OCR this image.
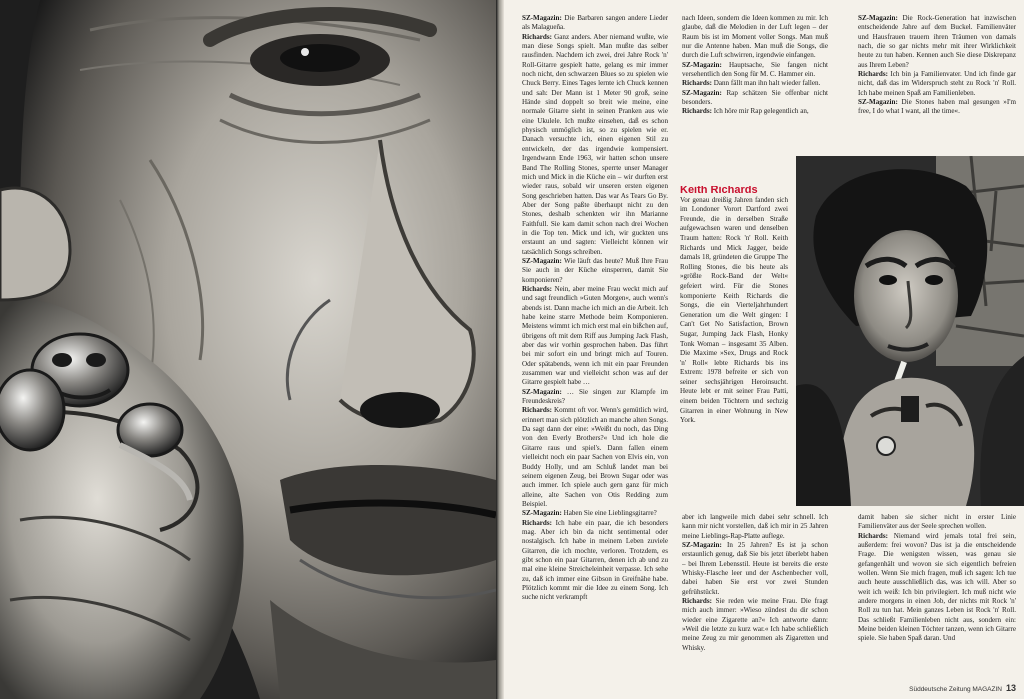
SZ-Magazin: Die Barbaren sangen andere Lieder als Malagueña.

Richards: Ganz anders. Aber niemand wußte, wie man diese Songs spielt. Man mußte das selber rausfinden. Nachdem ich zwei, drei Jahre Rock 'n' Roll-Gitarre gespielt hatte, gelang es mir immer noch nicht, den schwarzen Blues so zu spielen wie Chuck Berry. Eines Tages lernte ich Chuck kennen und sah: Der Mann ist 1 Meter 90 groß, seine Hände sind doppelt so breit wie meine, eine normale Gitarre sieht in seinen Pranken aus wie eine Ukulele. Ich mußte einsehen, daß es schon physisch unmöglich ist, so zu spielen wie er. Danach versuchte ich, einen eigenen Stil zu entwickeln, der das irgendwie kompensiert. Irgendwann Ende 1963, wir hatten schon unsere Band The Rolling Stones, sperrte unser Manager mich und Mick in die Küche ein – wir durften erst wieder raus, sobald wir unseren ersten eigenen Song geschrieben hatten. Das war As Tears Go By. Aber der Song paßte überhaupt nicht zu den Stones, deshalb schenkten wir ihn Marianne Faithfull. Sie kam damit schon nach drei Wochen in die Top ten. Mick und ich, wir guckten uns erstaunt an und sagten: Vielleicht können wir tatsächlich Songs schreiben.

SZ-Magazin: Wie läuft das heute? Muß Ihre Frau Sie auch in der Küche einsperren, damit Sie komponieren?

Richards: Nein, aber meine Frau weckt mich auf und sagt freundlich »Guten Morgen«, auch wenn's abends ist. Dann mache ich mich an die Arbeit. Ich habe keine starre Methode beim Komponieren. Meistens wimmt ich mich erst mal ein bißchen auf, übrigens oft mit dem Riff aus Jumping Jack Flash, aber das wir vorhin gesprochen haben. Das führt bei mir sofort ein und bringt mich auf Touren. Oder spätabends, wenn ich mit ein paar Freunden zusammen war und vielleicht schon was auf der Gitarre gespielt habe …

SZ-Magazin: … Sie singen zur Klampfe im Freundeskreis?

Richards: Kommt oft vor. Wenn's gemütlich wird, erinnert man sich plötzlich an manche alten Songs. Da sagt dann der eine: »Weißt du noch, das Ding von den Everly Brothers?« Und ich hole die Gitarre raus und spiel's. Dann fallen einem vielleicht noch ein paar Sachen von Elvis ein, von Buddy Holly, und am Schluß landet man bei seinem eigenen Zeug, bei Brown Sugar oder was auch immer. Ich spiele auch gern ganz für mich alleine, alte Sachen von Otis Redding zum Beispiel.

SZ-Magazin: Haben Sie eine Lieblingsgitarre?

Richards: Ich habe ein paar, die ich besonders mag. Aber ich bin da nicht sentimental oder nostalgisch. Ich habe in meinem Leben zuviele Gitarren, die ich mochte, verloren. Trotzdem, es gibt schon ein paar Gitarren, denen ich ab und zu mal eine kleine Streicheleinheit verpasse. Ich sehe zu, daß ich immer eine Gibson in Greifnähe habe. Plötzlich kommt mir die Idee zu einem Song. Ich suche nicht verkrampft

nach Ideen, sondern die Ideen kommen zu mir. Ich glaube, daß die Melodien in der Luft legen – der Raum bis ist im Moment voller Songs. Man muß nur die Antenne haben. Man muß die Songs, die durch die Luft schwirren, irgendwie einfangen.

SZ-Magazin: Hauptsache, Sie fangen nicht versehentlich den Song für M. C. Hammer ein.

Richards: Dann fällt man ihn halt wieder fallen.

SZ-Magazin: Rap schätzen Sie offenbar nicht besonders.

Richards: Ich höre mir Rap gelegentlich an,

SZ-Magazin: Die Rock-Generation hat inzwischen entscheidende Jahre auf dem Buckel. Familienväter und Hausfrauen trauern ihren Träumen von damals nach, die so gar nichts mehr mit ihrer Wirklichkeit heute zu tun haben. Kennen auch Sie diese Diskrepanz aus Ihrem Leben?

Richards: Ich bin ja Familienvater. Und ich finde gar nicht, daß das im Widerspruch steht zu Rock 'n' Roll. Ich habe meinen Spaß am Familienleben.

SZ-Magazin: Die Stones haben mal gesungen »I'm free, I do what I want, all the time«.

Keith Richards

Vor genau dreißig Jahren fanden sich im Londoner Vorort Dartford zwei Freunde, die in derselben Straße aufgewachsen waren und denselben Traum hatten: Rock 'n' Roll. Keith Richards und Mick Jagger, beide damals 18, gründeten die Gruppe The Rolling Stones, die bis heute als »größte Rock-Band der Welt« gefeiert wird. Für die Stones komponierte Keith Richards die Songs, die ein Vierteljahrhundert Generation um die Welt gingen: I Can't Get No Satisfaction, Brown Sugar, Jumping Jack Flash, Honky Tonk Woman – insgesamt 35 Alben. Die Maxime »Sex, Drugs and Rock 'n' Roll« lebte Richards bis ins Extrem: 1978 befreite er sich von seiner sechsjährigen Heroinsucht. Heute lebt er mit seiner Frau Patti, einem beiden Töchtern und sechzig Gitarren in einer Wohnung in New York.

aber ich langweile mich dabei sehr schnell. Ich kann mir nicht vorstellen, daß ich mir in 25 Jahren meine Lieblings-Rap-Platte auflege.

SZ-Magazin: In 25 Jahren? Es ist ja schon erstaunlich genug, daß Sie bis jetzt überlebt haben – bei Ihrem Lebensstil. Heute ist bereits die erste Whisky-Flasche leer und der Aschenbecher voll, dabei haben Sie erst vor zwei Stunden gefrühstückt.

Richards: Sie reden wie meine Frau. Die fragt mich auch immer: »Wieso zündest du dir schon wieder eine Zigarette an?« Ich antworte dann: »Weil die letzte zu kurz war.« Ich habe schließlich meine Zeug zu mir genommen als Zigaretten und Whisky.

damit haben sie sicher nicht in erster Linie Familienväter aus der Seele sprechen wollen.

Richards: Niemand wird jemals total frei sein, außerdem: frei wovon? Das ist ja die entscheidende Frage. Die wenigsten wissen, was genau sie gefangenhält und wovon sie sich eigentlich befreien wollen. Wenn Sie mich fragen, muß ich sagen: Ich tue auch heute ausschließlich das, was ich will. Aber so weit ich weiß: Ich bin privilegiert. Ich muß nicht wie andere morgens in einen Job, der nichts mit Rock 'n' Roll zu tun hat. Mein ganzes Leben ist Rock 'n' Roll. Das schließt Familienleben nicht aus, sondern ein: Meine beiden kleinen Töchter tanzen, wenn ich Gitarre spiele. Sie haben Spaß daran. Und

Süddeutsche Zeitung MAGAZIN 13
